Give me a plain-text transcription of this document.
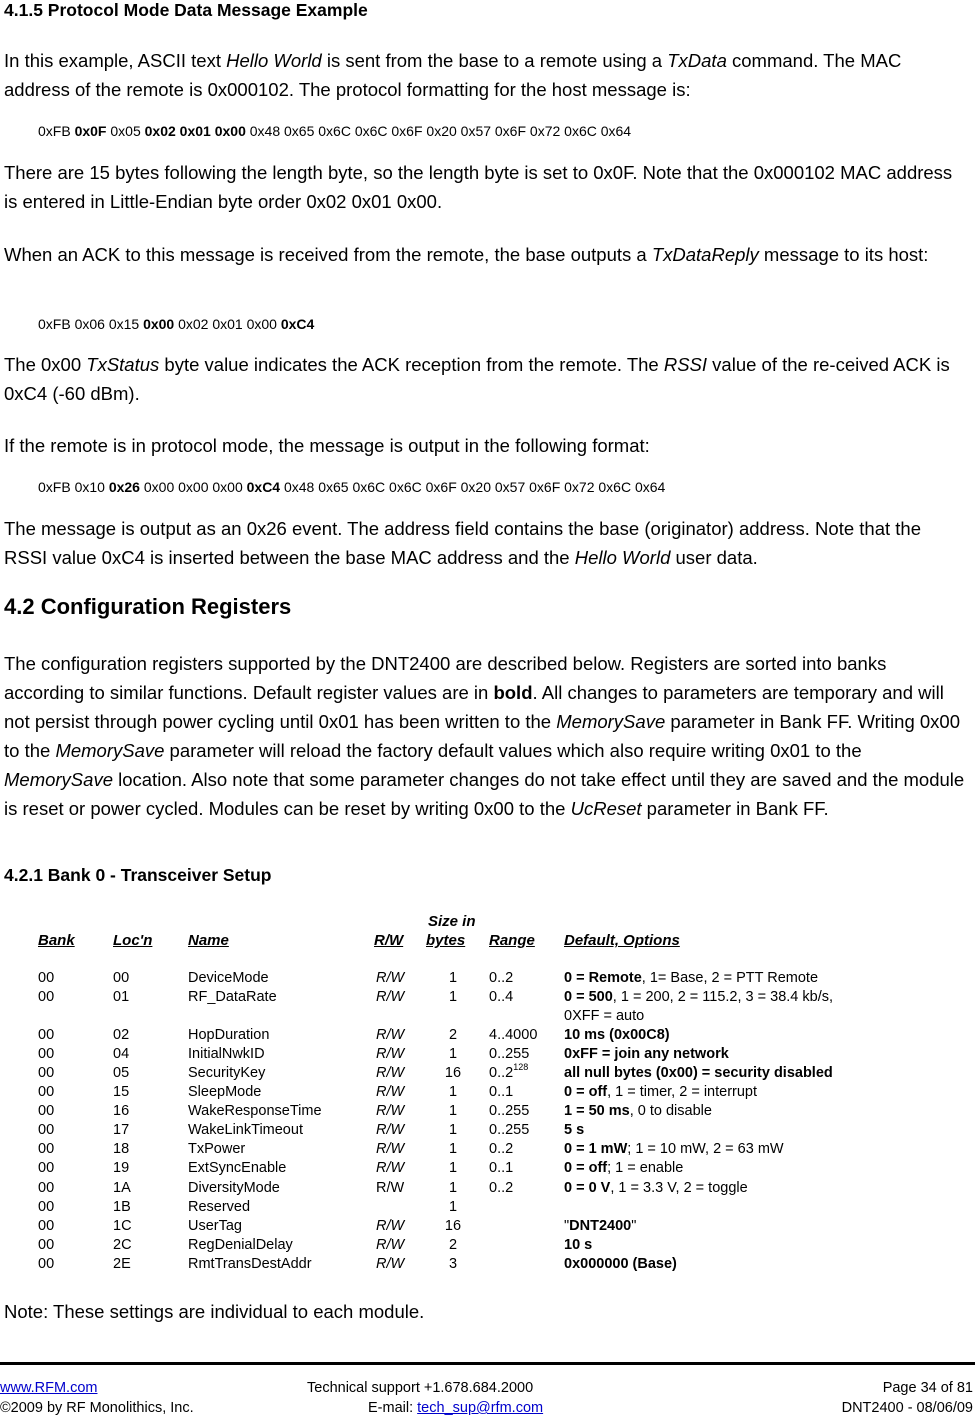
4.1.5 Protocol Mode Data Message Example
In this example, ASCII text Hello World is sent from the base to a remote using a TxData command. The MAC address of the remote is 0x000102. The protocol formatting for the host message is:
0xFB 0x0F 0x05 0x02 0x01 0x00 0x48 0x65 0x6C 0x6C 0x6F 0x20 0x57 0x6F 0x72 0x6C 0x64
There are 15 bytes following the length byte, so the length byte is set to 0x0F. Note that the 0x000102 MAC address is entered in Little-Endian byte order 0x02 0x01 0x00.
When an ACK to this message is received from the remote, the base outputs a TxDataReply message to its host:
0xFB 0x06 0x15 0x00 0x02 0x01 0x00 0xC4
The 0x00 TxStatus byte value indicates the ACK reception from the remote. The RSSI value of the re-ceived ACK is 0xC4 (-60 dBm).
If the remote is in protocol mode, the message is output in the following format:
0xFB 0x10 0x26 0x00 0x00 0x00 0xC4 0x48 0x65 0x6C 0x6C 0x6F 0x20 0x57 0x6F 0x72 0x6C 0x64
The message is output as an 0x26 event. The address field contains the base (originator) address. Note that the RSSI value 0xC4 is inserted between the base MAC address and the Hello World user data.
4.2 Configuration Registers
The configuration registers supported by the DNT2400 are described below. Registers are sorted into banks according to similar functions. Default register values are in bold. All changes to parameters are temporary and will not persist through power cycling until 0x01 has been written to the MemorySave parameter in Bank FF. Writing 0x00 to the MemorySave parameter will reload the factory default values which also require writing 0x01 to the MemorySave location. Also note that some parameter changes do not take effect until they are saved and the module is reset or power cycled. Modules can be reset by writing 0x00 to the UcReset parameter in Bank FF.
4.2.1 Bank 0 - Transceiver Setup
Bank	Loc'n Name	R/W
Size in
bytes Range Default, Options
00	00	DeviceMode	R/W	1	0..2	0 = Remote, 1= Base, 2 = PTT Remote
00	01	RF_DataRate	R/W	1	0..4	0 = 500, 1 = 200, 2 = 115.2, 3 = 38.4 kb/s,
0XFF = auto
00	02	HopDuration	R/W	2	4..4000 10 ms (0x00C8)
00	04	InitialNwkID	R/W	1	0..255 0xFF = join any network
00	05	SecurityKey	R/W	16	0..2$^{128}$ all null bytes (0x00) = security disabled
00	15	SleepMode	R/W	1	0..1	0 = off, 1 = timer, 2 = interrupt
00	16	WakeResponseTime	R/W	1	0..255 1 = 50 ms, 0 to disable
00	17	WakeLinkTimeout	R/W	1	0..255 5 s
00	18	TxPower	R/W	1	0..2	0 = 1 mW; 1 = 10 mW, 2 = 63 mW
00	19	ExtSyncEnable	R/W	1	0..1	0 = off; 1 = enable
00	1A	DiversityMode	R/W	1	0..2	0 = 0 V, 1 = 3.3 V, 2 = toggle
00	1B	Reserved	1
00	1C	UserTag	R/W	16	"DNT2400"
00	2C	RegDenialDelay	R/W	2	10 s
00	2E	RmtTransDestAddr	R/W	3	0x000000 (Base)
Note: These settings are individual to each module.
www.RFM.com
©2009 by RF Monolithics, Inc.
Technical support +1.678.684.2000
E-mail: tech_sup@rfm.com
Page 34 of 81
DNT2400 - 08/06/09
